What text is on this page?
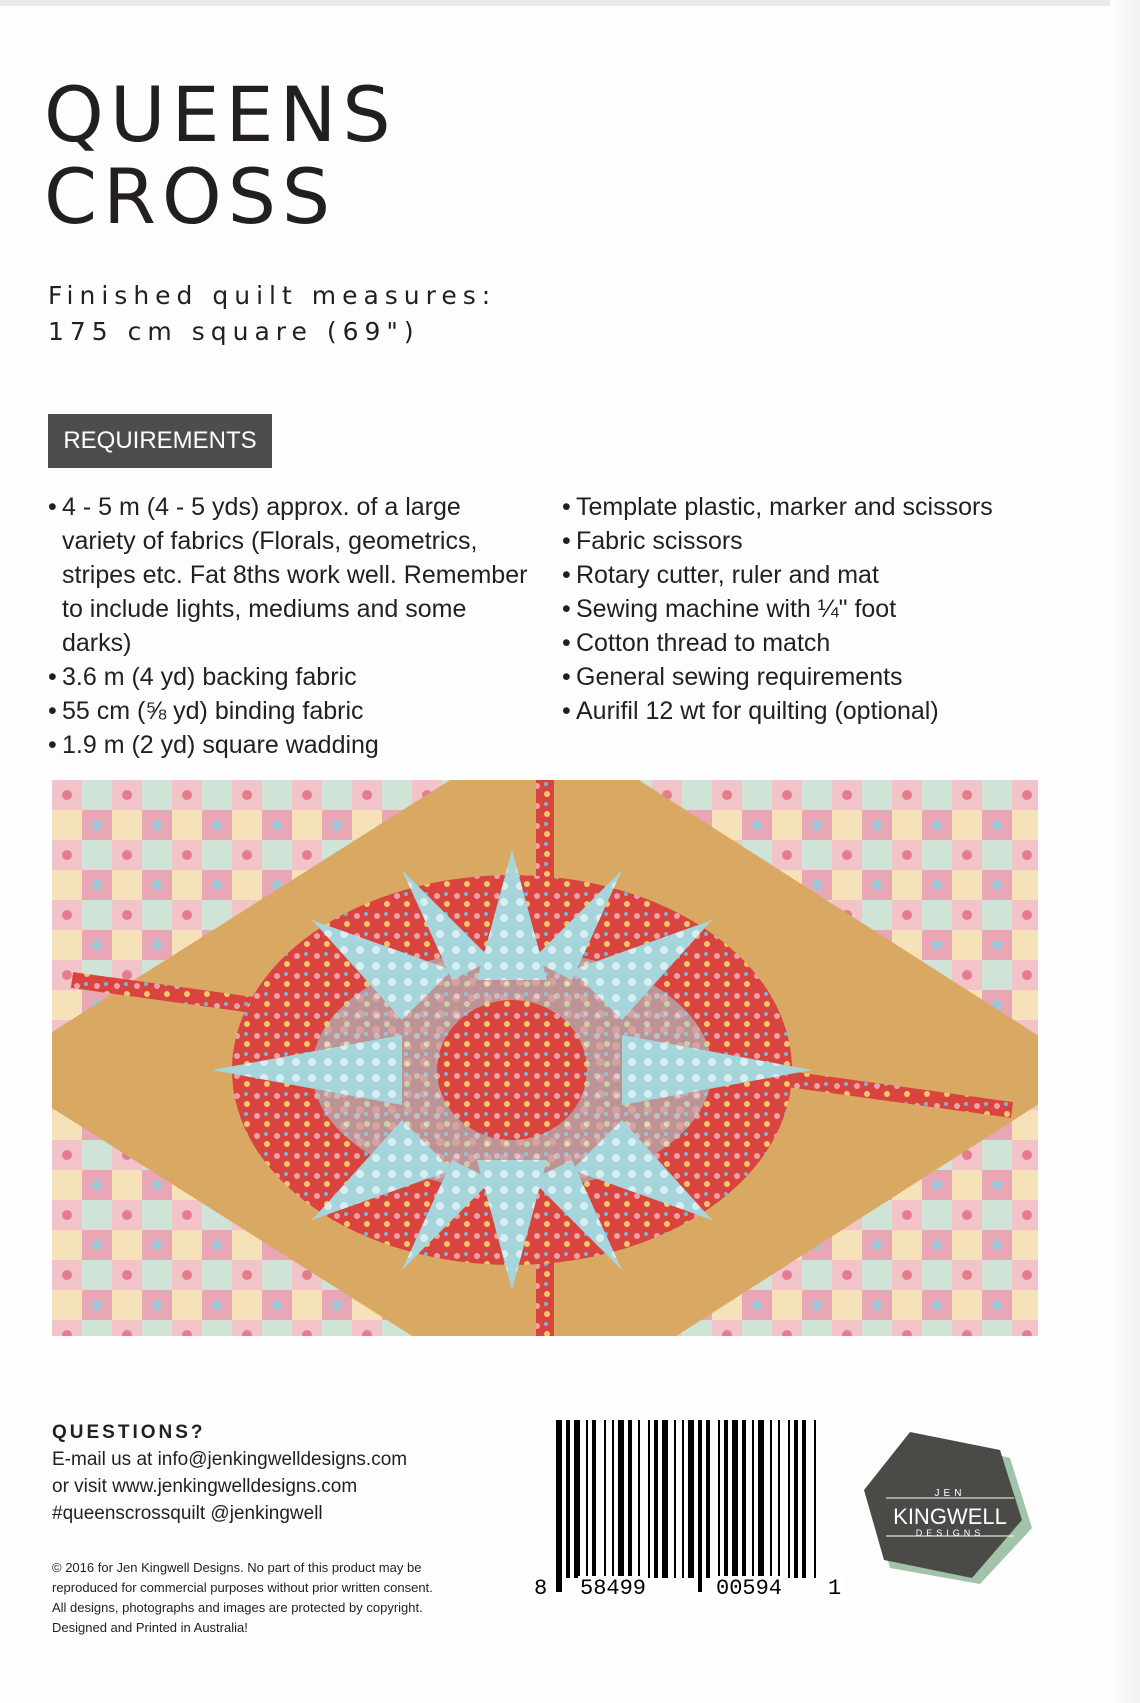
QUEENS
CROSS
Finished quilt measures:
175 cm square (69")
REQUIREMENTS
• 4 - 5 m (4 - 5 yds) approx. of a large variety of fabrics (Florals, geometrics, stripes etc. Fat 8ths work well. Remember to include lights, mediums and some darks)
• 3.6 m (4 yd) backing fabric
• 55 cm (⅝ yd) binding fabric
• 1.9 m (2 yd) square wadding
• Template plastic, marker and scissors
• Fabric scissors
• Rotary cutter, ruler and mat
• Sewing machine with ¼" foot
• Cotton thread to match
• General sewing requirements
• Aurifil 12 wt for quilting (optional)
QUESTIONS?
E-mail us at info@jenkingwelldesigns.com
or visit www.jenkingwelldesigns.com
#queenscrossquilt @jenkingwell
© 2016 for Jen Kingwell Designs. No part of this product may be
reproduced for commercial purposes without prior written consent.
All designs, photographs and images are protected by copyright.
Designed and Printed in Australia!
8 58499	00594 1
JEN
KINGWELL
DESIGNS
